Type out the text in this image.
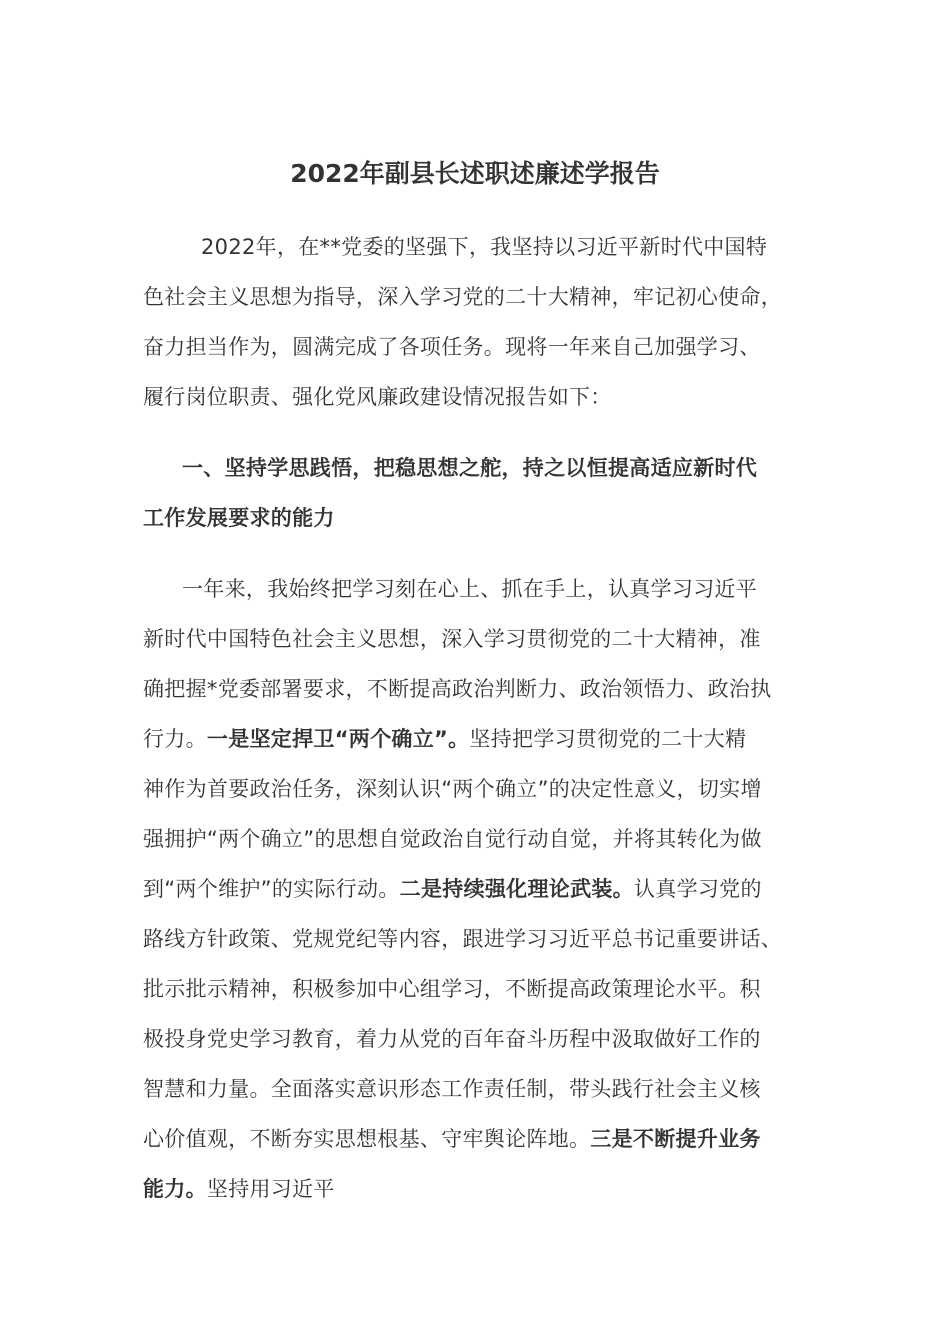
2022年副县长述职述廉述学报告
2022年，在**党委的坚强下，我坚持以习近平新时代中国特
色社会主义思想为指导，深入学习党的二十大精神，牢记初心使命，
奋力担当作为，圆满完成了各项任务。现将一年来自己加强学习、
履行岗位职责、强化党风廉政建设情况报告如下：
一、坚持学思践悟，把稳思想之舵，持之以恒提高适应新时代
工作发展要求的能力
一年来，我始终把学习刻在心上、抓在手上，认真学习习近平
新时代中国特色社会主义思想，深入学习贯彻党的二十大精神，准
确把握*党委部署要求，不断提高政治判断力、政治领悟力、政治执
行力。一是坚定捍卫“两个确立”。坚持把学习贯彻党的二十大精
神作为首要政治任务，深刻认识“两个确立”的决定性意义，切实增
强拥护“两个确立”的思想自觉政治自觉行动自觉，并将其转化为做
到“两个维护”的实际行动。二是持续强化理论武装。认真学习党的
路线方针政策、党规党纪等内容，跟进学习习近平总书记重要讲话、
批示批示精神，积极参加中心组学习，不断提高政策理论水平。积
极投身党史学习教育，着力从党的百年奋斗历程中汲取做好工作的
智慧和力量。全面落实意识形态工作责任制，带头践行社会主义核
心价值观，不断夯实思想根基、守牢舆论阵地。三是不断提升业务
能力。坚持用习近平
